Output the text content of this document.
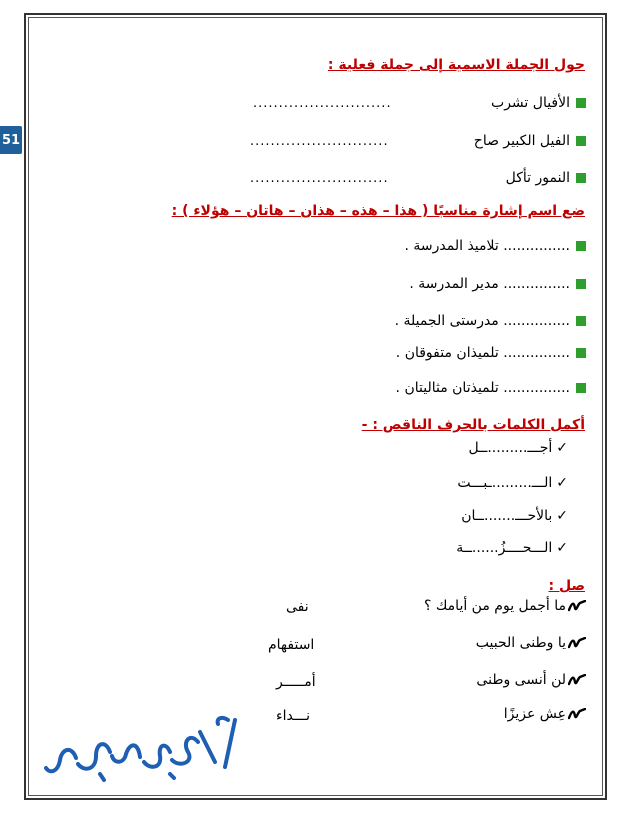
51
حول الجملة الاسمية إلى جملة فعلية :
الأفيال تشرب
...........................
الفيل الكبير صاح
...........................
النمور تأكل
...........................
ضع اسم إشارة مناسبًا ( هذا – هذه – هذان – هاتان – هؤلاء ) :
............... تلاميذ المدرسة .
............... مدير المدرسة .
............... مدرستى الجميلة .
............... تلميذان متفوقان .
............... تلميذتان مثاليتان .
أكمل الكلمات بالحرف الناقص : -
✓
أجـــ.........ــل
✓
الـــ.........ـبـــت
✓
بالأحـــ.......ــان
✓
الـــحــــزُ......ــة
صل :
ما أجمل يوم من أيامك ؟
نفى
يا وطنى الحبيب
استفهام
لن أنسى وطنى
أمـــــر
عِش عزيزًا
نـــداء
